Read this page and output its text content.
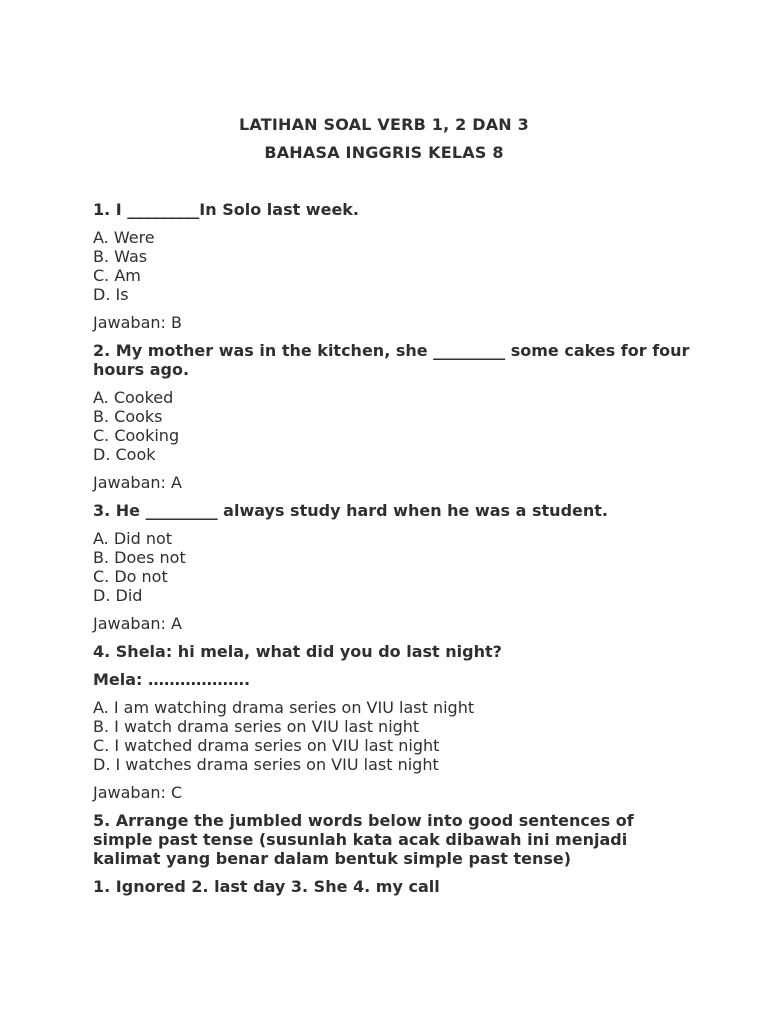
LATIHAN SOAL VERB 1, 2 DAN 3

BAHASA INGGRIS KELAS 8

1. I _________In Solo last week.

A. Were
B. Was
C. Am
D. Is

Jawaban: B

2. My mother was in the kitchen, she _________ some cakes for four hours ago.

A. Cooked
B. Cooks
C. Cooking
D. Cook

Jawaban: A

3. He _________ always study hard when he was a student.

A. Did not
B. Does not
C. Do not
D. Did

Jawaban: A

4. Shela: hi mela, what did you do last night?

Mela: ……………….

A. I am watching drama series on VIU last night
B. I watch drama series on VIU last night
C. I watched drama series on VIU last night
D. I watches drama series on VIU last night

Jawaban: C

5. Arrange the jumbled words below into good sentences of simple past tense (susunlah kata acak dibawah ini menjadi kalimat yang benar dalam bentuk simple past tense)

1. Ignored 2. last day 3. She 4. my call
